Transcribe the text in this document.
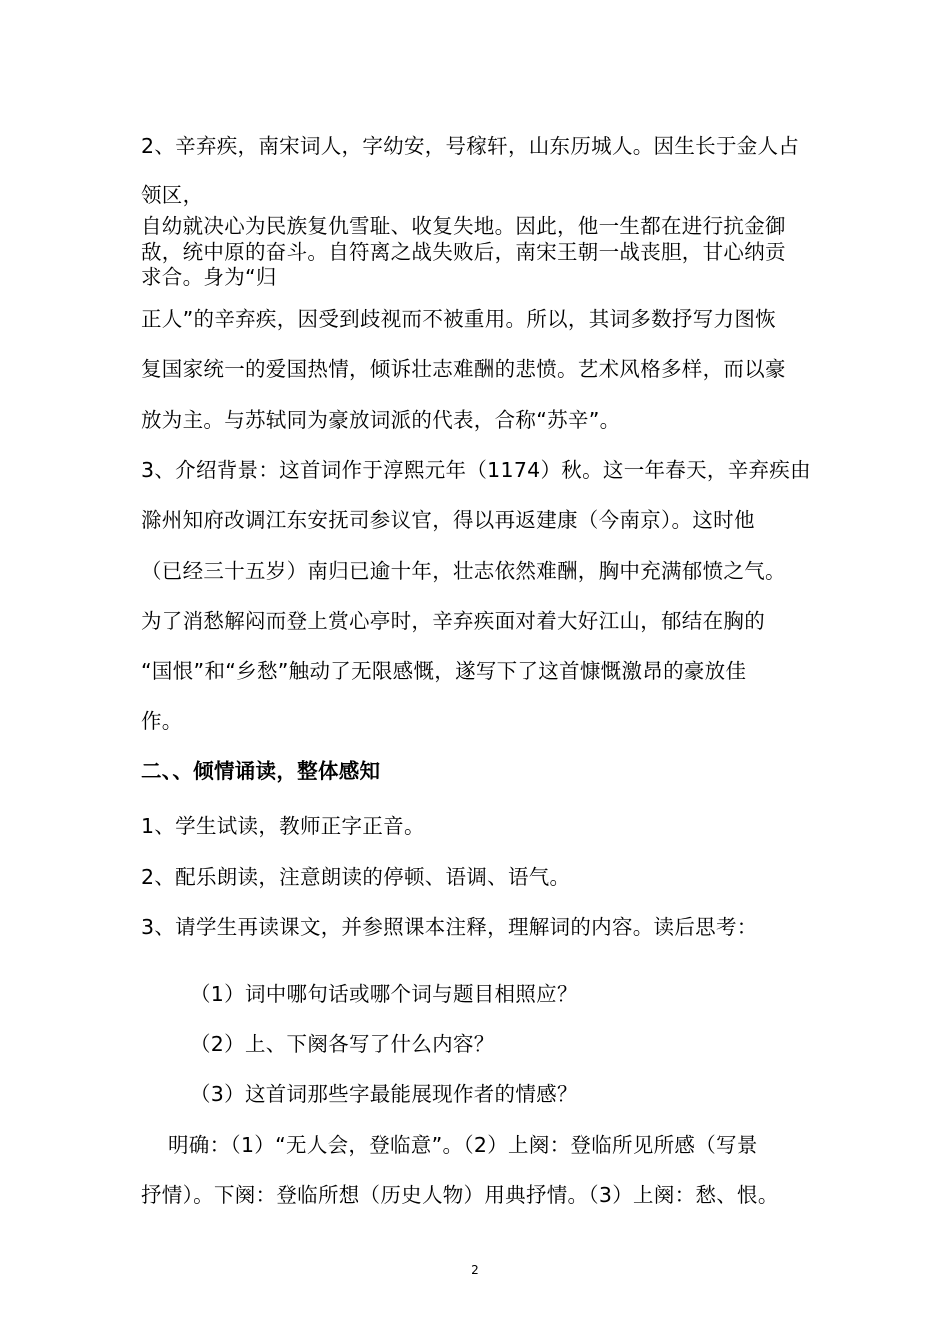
2、辛弃疾，南宋词人，字幼安，号稼轩，山东历城人。因生长于金人占
领区，
自幼就决心为民族复仇雪耻、收复失地。因此，他一生都在进行抗金御
敌，统中原的奋斗。自符离之战失败后，南宋王朝一战丧胆，甘心纳贡
求合。身为“归
正人”的辛弃疾，因受到歧视而不被重用。所以，其词多数抒写力图恢
复国家统一的爱国热情，倾诉壮志难酬的悲愤。艺术风格多样，而以豪
放为主。与苏轼同为豪放词派的代表，合称“苏辛”。
3、介绍背景：这首词作于淳熙元年（1174）秋。这一年春天，辛弃疾由
滁州知府改调江东安抚司参议官，得以再返建康（今南京）。这时他
（已经三十五岁）南归已逾十年，壮志依然难酬，胸中充满郁愤之气。
为了消愁解闷而登上赏心亭时，辛弃疾面对着大好江山，郁结在胸的
“国恨”和“乡愁”触动了无限感慨，遂写下了这首慷慨激昂的豪放佳
作。
二、、倾情诵读，整体感知
1、学生试读，教师正字正音。
2、配乐朗读，注意朗读的停顿、语调、语气。
3、请学生再读课文，并参照课本注释，理解词的内容。读后思考：
（1）词中哪句话或哪个词与题目相照应？
（2）上、下阕各写了什么内容？
（3）这首词那些字最能展现作者的情感？
明确：（1）“无人会，登临意”。（2）上阕：登临所见所感（写景
抒情）。下阕：登临所想（历史人物）用典抒情。（3）上阕：愁、恨。
2
